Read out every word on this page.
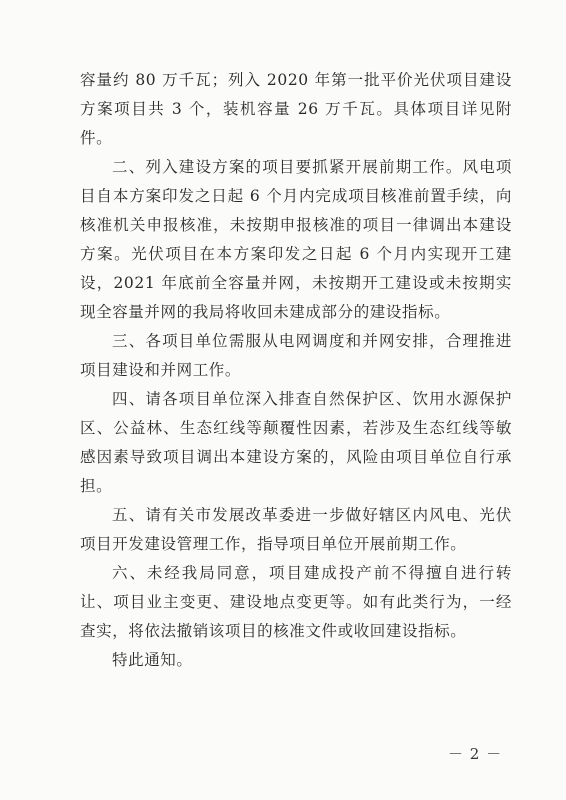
容量约 80 万千瓦；列入 2020 年第一批平价光伏项目建设方案项目共 3 个，装机容量 26 万千瓦。具体项目详见附件。

二、列入建设方案的项目要抓紧开展前期工作。风电项目自本方案印发之日起 6 个月内完成项目核准前置手续，向核准机关申报核准，未按期申报核准的项目一律调出本建设方案。光伏项目在本方案印发之日起 6 个月内实现开工建设，2021 年底前全容量并网，未按期开工建设或未按期实现全容量并网的我局将收回未建成部分的建设指标。

三、各项目单位需服从电网调度和并网安排，合理推进项目建设和并网工作。

四、请各项目单位深入排查自然保护区、饮用水源保护区、公益林、生态红线等颠覆性因素，若涉及生态红线等敏感因素导致项目调出本建设方案的，风险由项目单位自行承担。

五、请有关市发展改革委进一步做好辖区内风电、光伏项目开发建设管理工作，指导项目单位开展前期工作。

六、未经我局同意，项目建成投产前不得擅自进行转让、项目业主变更、建设地点变更等。如有此类行为，一经查实，将依法撤销该项目的核准文件或收回建设指标。

特此通知。

－ 2 －
